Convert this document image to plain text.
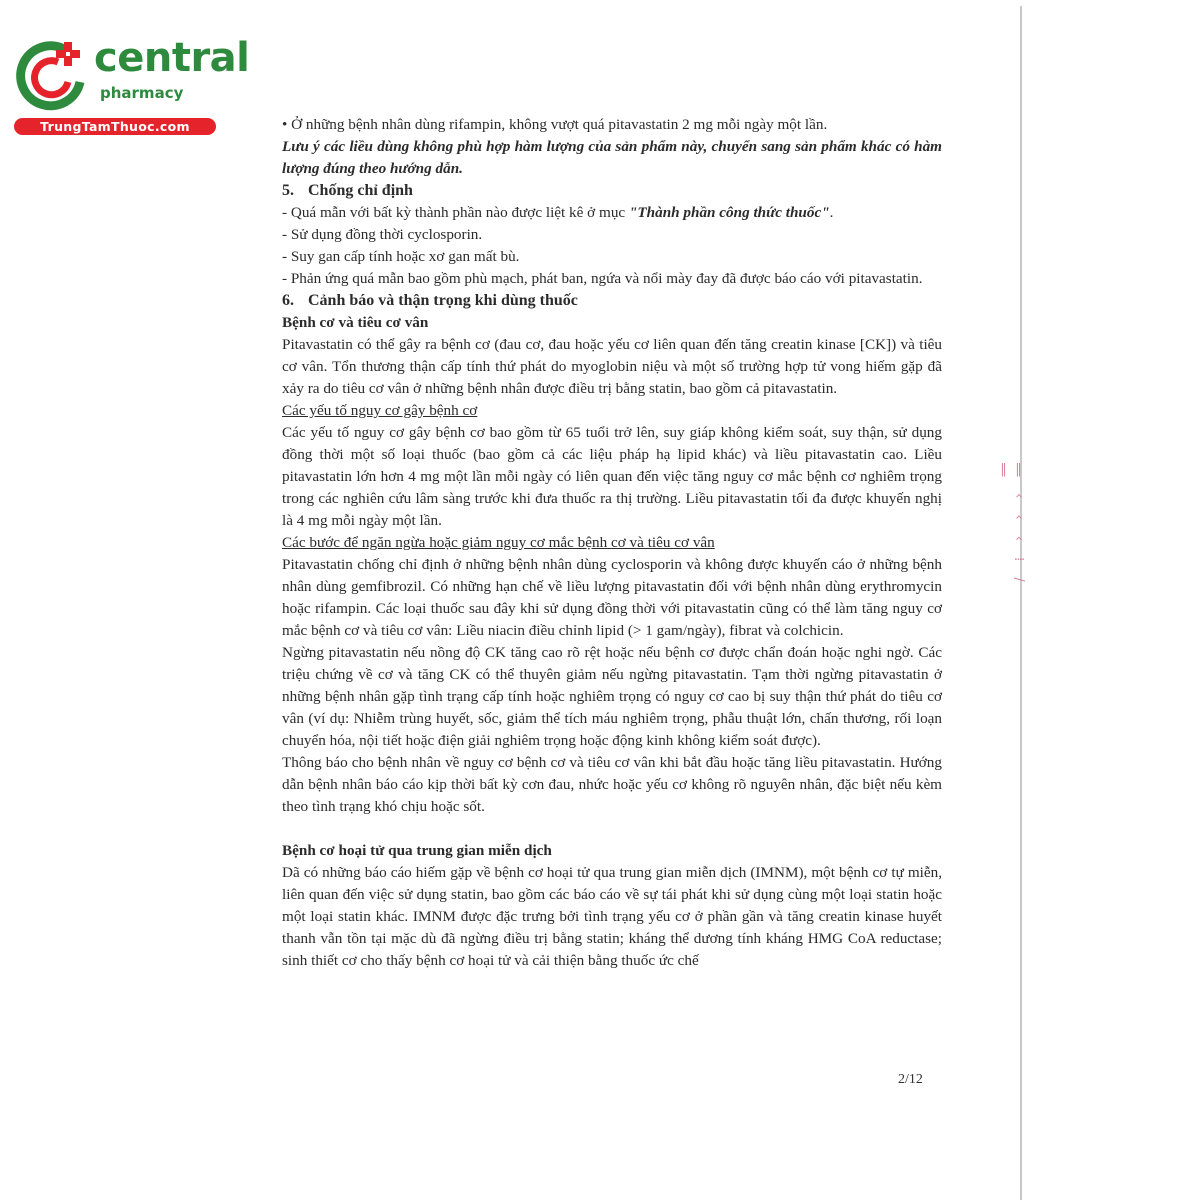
central
pharmacy
TrungTamThuoc.com
‖ ‹ ‹ ‹ ⁞ / ‖

• Ở những bệnh nhân dùng rifampin, không vượt quá pitavastatin 2 mg mỗi ngày một lần.

Lưu ý các liều dùng không phù hợp hàm lượng của sản phẩm này, chuyển sang sản phẩm khác có hàm lượng đúng theo hướng dẫn.

5. Chống chỉ định

- Quá mẫn với bất kỳ thành phần nào được liệt kê ở mục "Thành phần công thức thuốc".

- Sử dụng đồng thời cyclosporin.

- Suy gan cấp tính hoặc xơ gan mất bù.

- Phản ứng quá mẫn bao gồm phù mạch, phát ban, ngứa và nổi mày đay đã được báo cáo với pitavastatin.

6. Cảnh báo và thận trọng khi dùng thuốc

Bệnh cơ và tiêu cơ vân

Pitavastatin có thể gây ra bệnh cơ (đau cơ, đau hoặc yếu cơ liên quan đến tăng creatin kinase [CK]) và tiêu cơ vân. Tổn thương thận cấp tính thứ phát do myoglobin niệu và một số trường hợp tử vong hiếm gặp đã xảy ra do tiêu cơ vân ở những bệnh nhân được điều trị bằng statin, bao gồm cả pitavastatin.

Các yếu tố nguy cơ gây bệnh cơ

Các yếu tố nguy cơ gây bệnh cơ bao gồm từ 65 tuổi trở lên, suy giáp không kiểm soát, suy thận, sử dụng đồng thời một số loại thuốc (bao gồm cả các liệu pháp hạ lipid khác) và liều pitavastatin cao. Liều pitavastatin lớn hơn 4 mg một lần mỗi ngày có liên quan đến việc tăng nguy cơ mắc bệnh cơ nghiêm trọng trong các nghiên cứu lâm sàng trước khi đưa thuốc ra thị trường. Liều pitavastatin tối đa được khuyến nghị là 4 mg mỗi ngày một lần.

Các bước để ngăn ngừa hoặc giảm nguy cơ mắc bệnh cơ và tiêu cơ vân

Pitavastatin chống chỉ định ở những bệnh nhân dùng cyclosporin và không được khuyến cáo ở những bệnh nhân dùng gemfibrozil. Có những hạn chế về liều lượng pitavastatin đối với bệnh nhân dùng erythromycin hoặc rifampin. Các loại thuốc sau đây khi sử dụng đồng thời với pitavastatin cũng có thể làm tăng nguy cơ mắc bệnh cơ và tiêu cơ vân: Liều niacin điều chỉnh lipid (> 1 gam/ngày), fibrat và colchicin.

Ngừng pitavastatin nếu nồng độ CK tăng cao rõ rệt hoặc nếu bệnh cơ được chẩn đoán hoặc nghi ngờ. Các triệu chứng về cơ và tăng CK có thể thuyên giảm nếu ngừng pitavastatin. Tạm thời ngừng pitavastatin ở những bệnh nhân gặp tình trạng cấp tính hoặc nghiêm trọng có nguy cơ cao bị suy thận thứ phát do tiêu cơ vân (ví dụ: Nhiễm trùng huyết, sốc, giảm thể tích máu nghiêm trọng, phẫu thuật lớn, chấn thương, rối loạn chuyển hóa, nội tiết hoặc điện giải nghiêm trọng hoặc động kinh không kiểm soát được).

Thông báo cho bệnh nhân về nguy cơ bệnh cơ và tiêu cơ vân khi bắt đầu hoặc tăng liều pitavastatin. Hướng dẫn bệnh nhân báo cáo kịp thời bất kỳ cơn đau, nhức hoặc yếu cơ không rõ nguyên nhân, đặc biệt nếu kèm theo tình trạng khó chịu hoặc sốt.

Bệnh cơ hoại tử qua trung gian miễn dịch

Dã có những báo cáo hiếm gặp về bệnh cơ hoại tử qua trung gian miễn dịch (IMNM), một bệnh cơ tự miễn, liên quan đến việc sử dụng statin, bao gồm các báo cáo về sự tái phát khi sử dụng cùng một loại statin hoặc một loại statin khác. IMNM được đặc trưng bởi tình trạng yếu cơ ở phần gần và tăng creatin kinase huyết thanh vẫn tồn tại mặc dù đã ngừng điều trị bằng statin; kháng thể dương tính kháng HMG CoA reductase; sinh thiết cơ cho thấy bệnh cơ hoại tử và cải thiện bằng thuốc ức chế

2/12
